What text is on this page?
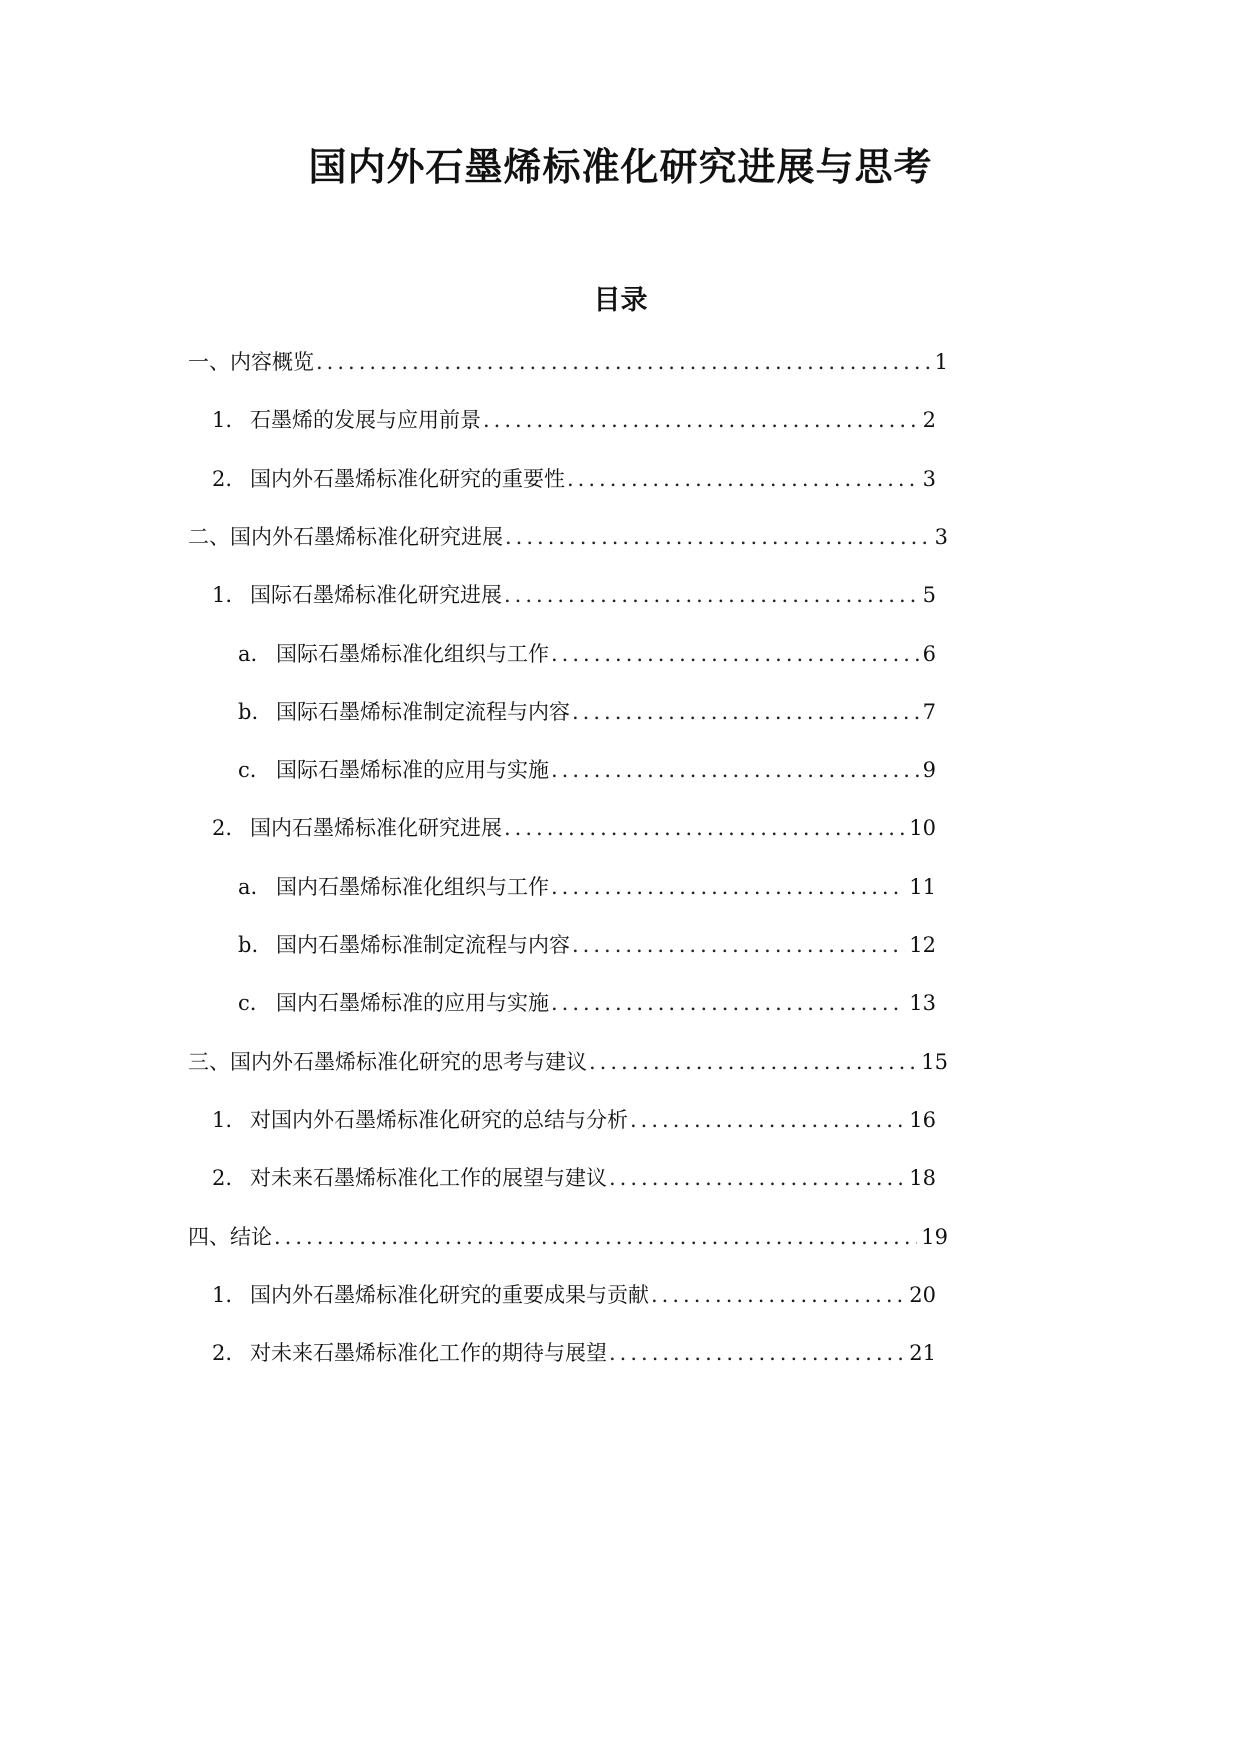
国内外石墨烯标准化研究进展与思考
目录
一、 内容概览 .....	1
1. 石墨烯的发展与应用前景 .....	2
2. 国内外石墨烯标准化研究的重要性 .....	3
二、 国内外石墨烯标准化研究进展 .....	3
1. 国际石墨烯标准化研究进展 .....	5
a. 国际石墨烯标准化组织与工作 .....	6
b. 国际石墨烯标准制定流程与内容 .....	7
c. 国际石墨烯标准的应用与实施 .....	9
2. 国内石墨烯标准化研究进展 .....	10
a. 国内石墨烯标准化组织与工作 .....	11
b. 国内石墨烯标准制定流程与内容 .....	12
c. 国内石墨烯标准的应用与实施 .....	13
三、 国内外石墨烯标准化研究的思考与建议 .....	15
1. 对国内外石墨烯标准化研究的总结与分析 .....	16
2. 对未来石墨烯标准化工作的展望与建议 .....	18
四、 结论 .....	19
1. 国内外石墨烯标准化研究的重要成果与贡献 .....	20
2. 对未来石墨烯标准化工作的期待与展望 .....	21
